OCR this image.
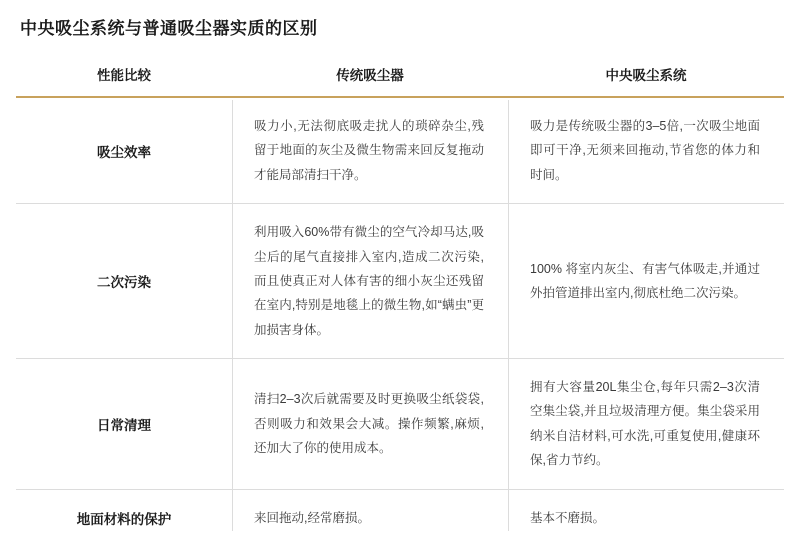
中央吸尘系统与普通吸尘器实质的区别
性能比较	传统吸尘器	中央吸尘系统
吸尘效率	吸力小,无法彻底吸走扰人的琐碎杂尘,残留于地面的灰尘及微生物需来回反复拖动才能局部清扫干净。	吸力是传统吸尘器的3–5倍,一次吸尘地面即可干净,无须来回拖动,节省您的体力和时间。
二次污染	利用吸入60%带有微尘的空气冷却马达,吸尘后的尾气直接排入室内,造成二次污染,而且使真正对人体有害的细小灰尘还残留在室内,特别是地毯上的微生物,如“螨虫”更加损害身体。	100% 将室内灰尘、有害气体吸走,并通过外拍管道排出室内,彻底杜绝二次污染。
日常清理	清扫2–3次后就需要及时更换吸尘纸袋袋,否则吸力和效果会大减。操作频繁,麻烦,还加大了你的使用成本。	拥有大容量20L集尘仓,每年只需2–3次清空集尘袋,并且垃圾清理方便。集尘袋采用纳米自洁材料,可水洗,可重复使用,健康环保,省力节约。
地面材料的保护	来回拖动,经常磨损。	基本不磨损。
